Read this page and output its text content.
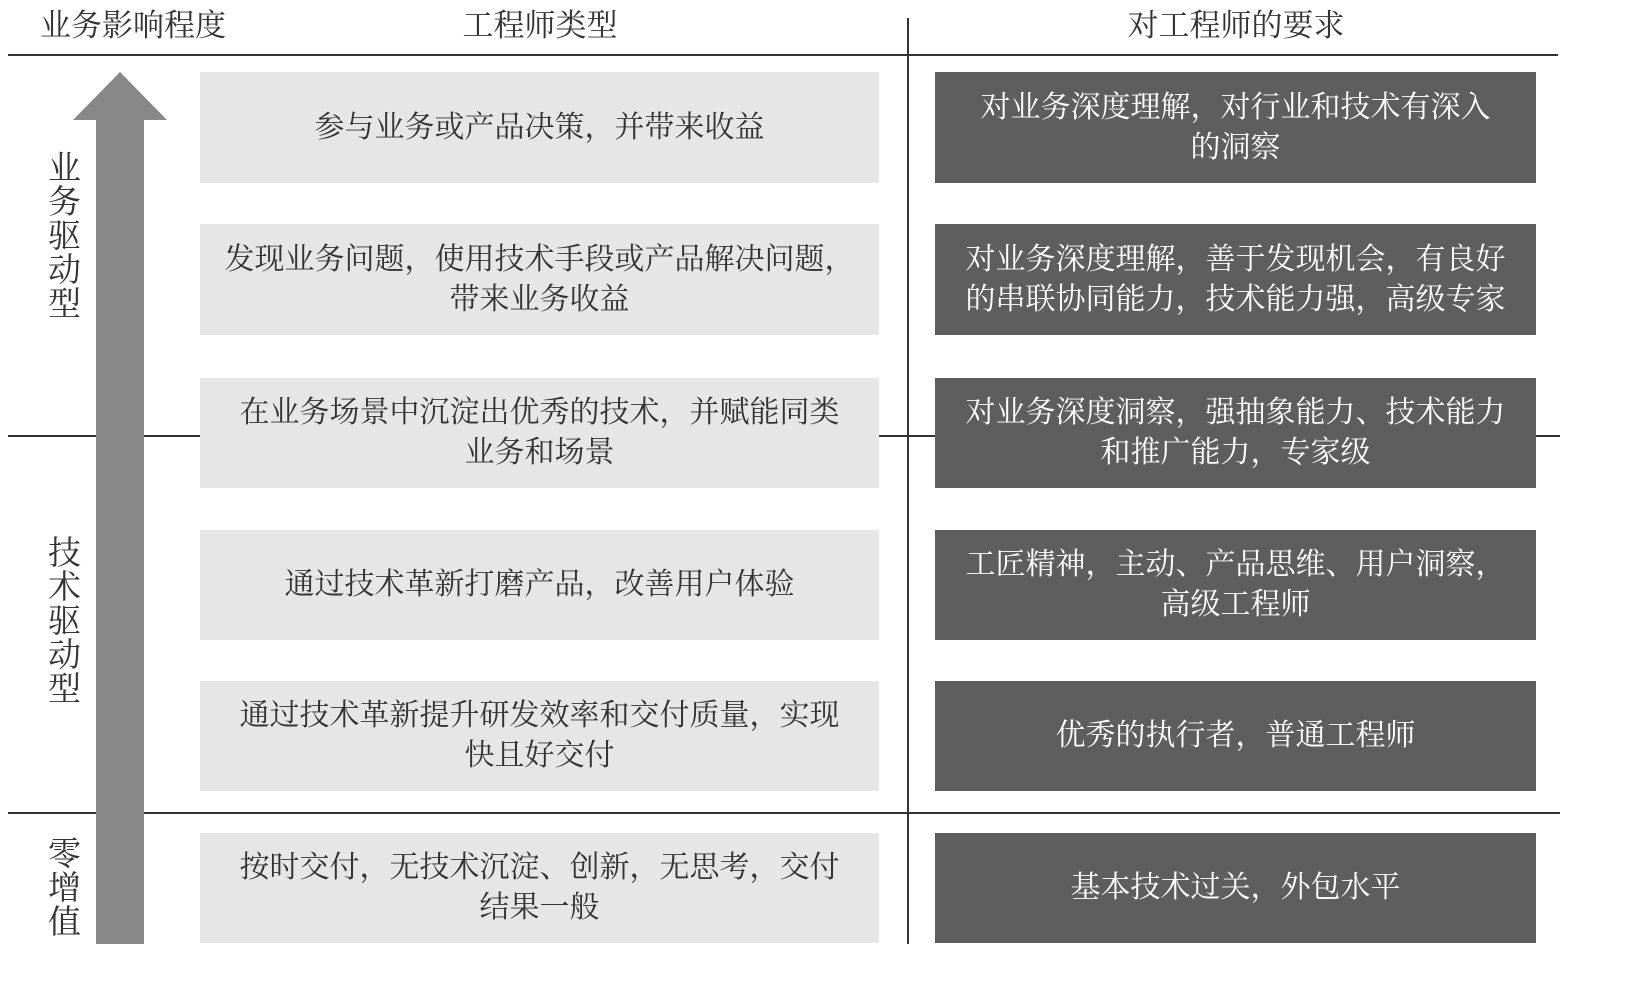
业务影响程度	工程师类型	对工程师的要求
业务驱动型
技术驱动型
零增值
参与业务或产品决策，并带来收益
对业务深度理解，对行业和技术有深入
的洞察
发现业务问题，使用技术手段或产品解决问题，
带来业务收益
对业务深度理解，善于发现机会，有良好
的串联协同能力，技术能力强，高级专家
在业务场景中沉淀出优秀的技术，并赋能同类
业务和场景
对业务深度洞察，强抽象能力、技术能力
和推广能力，专家级
通过技术革新打磨产品，改善用户体验
工匠精神，主动、产品思维、用户洞察，
高级工程师
通过技术革新提升研发效率和交付质量，实现
快且好交付
优秀的执行者，普通工程师
按时交付，无技术沉淀、创新，无思考，交付
结果一般
基本技术过关，外包水平
